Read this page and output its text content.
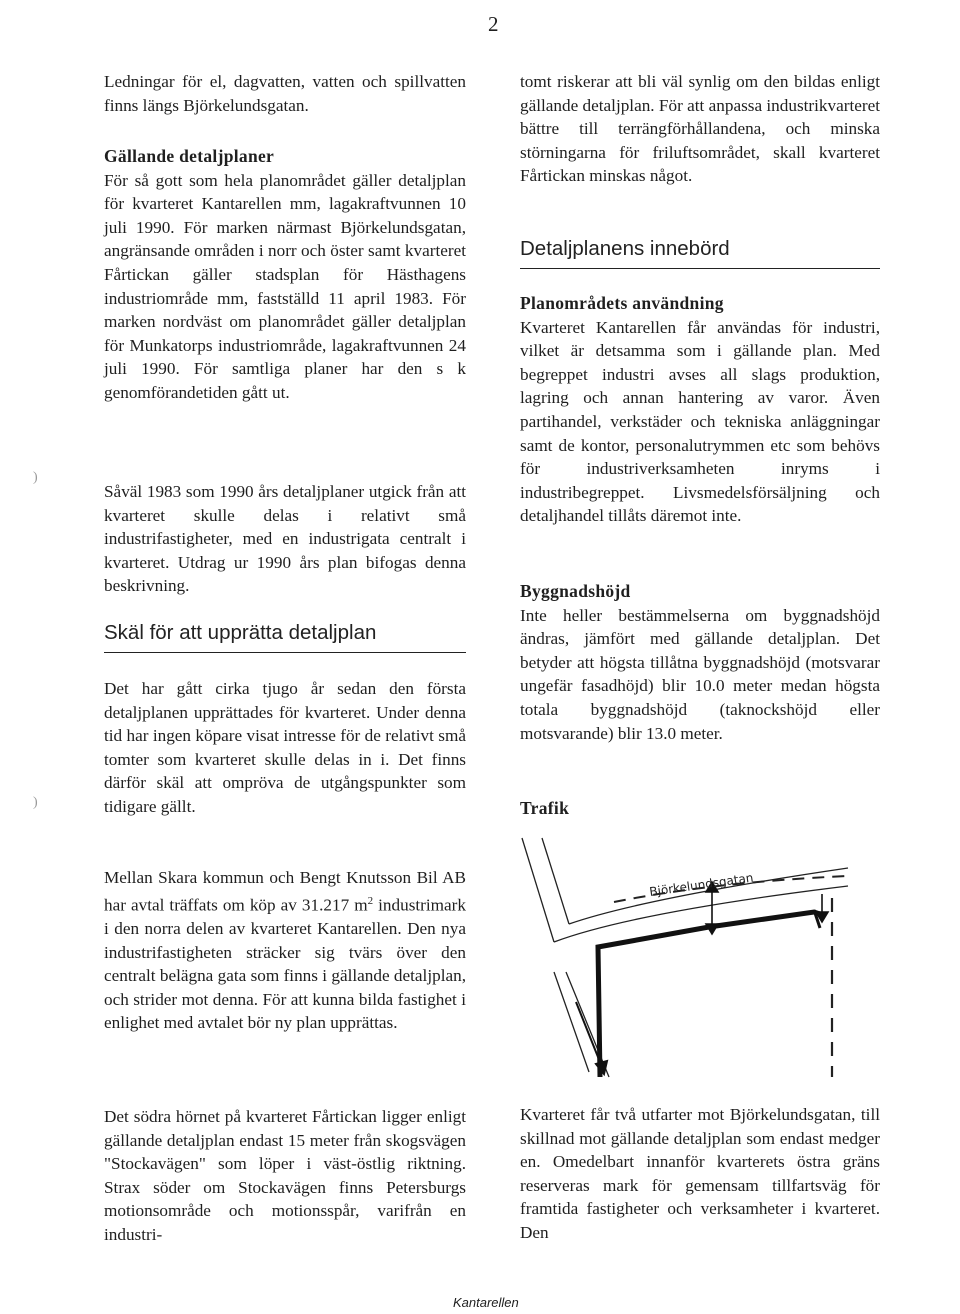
2
)
)

Ledningar för el, dagvatten, vatten och spillvatten finns längs Björkelundsgatan.

Gällande detaljplaner

För så gott som hela planområdet gäller detaljplan för kvarteret Kantarellen mm, lagakraftvunnen 10 juli 1990. För marken närmast Björkelundsgatan, angränsande områden i norr och öster samt kvarteret Fårtickan gäller stadsplan för Hästhagens industriområde mm, fastställd 11 april 1983. För marken nordväst om planområdet gäller detaljplan för Munkatorps industriområde, lagakraftvunnen 24 juli 1990. För samtliga planer har den s k genomförandetiden gått ut.

Såväl 1983 som 1990 års detaljplaner utgick från att kvarteret skulle delas i relativt små industrifastigheter, med en industrigata centralt i kvarteret. Utdrag ur 1990 års plan bifogas denna beskrivning.

Skäl för att upprätta detaljplan

Det har gått cirka tjugo år sedan den första detaljplanen upprättades för kvarteret. Under denna tid har ingen köpare visat intresse för de relativt små tomter som kvarteret skulle delas in i. Det finns därför skäl att ompröva de utgångspunkter som tidigare gällt.

Mellan Skara kommun och Bengt Knutsson Bil AB har avtal träffats om köp av 31.217 $m^2$ industrimark i den norra delen av kvarteret Kantarellen. Den nya industrifastigheten sträcker sig tvärs över den centralt belägna gata som finns i gällande detaljplan, och strider mot denna. För att kunna bilda fastighet i enlighet med avtalet bör ny plan upprättas.

Det södra hörnet på kvarteret Fårtickan ligger enligt gällande detaljplan endast 15 meter från skogsvägen "Stockavägen" som löper i väst-östlig riktning. Strax söder om Stockavägen finns Petersburgs motionsområde och motionsspår, varifrån en industri-

tomt riskerar att bli väl synlig om den bildas enligt gällande detaljplan. För att anpassa industrikvarteret bättre till terrängförhållandena, och minska störningarna för friluftsområdet, skall kvarteret Fårtickan minskas något.

Detaljplanens innebörd
Planområdets användning

Kvarteret Kantarellen får användas för industri, vilket är detsamma som i gällande plan. Med begreppet industri avses all slags produktion, lagring och annan hantering av varor. Även partihandel, verkstäder och tekniska anläggningar samt de kontor, personalutrymmen etc som behövs för industriverksamheten inryms i industribegreppet. Livsmedelsförsäljning och detaljhandel tillåts däremot inte.

Byggnadshöjd

Inte heller bestämmelserna om byggnadshöjd ändras, jämfört med gällande detaljplan. Det betyder att högsta tillåtna byggnadshöjd (motsvarar ungefär fasadhöjd) blir 10.0 meter medan högsta totala byggnadshöjd (taknockshöjd eller motsvarande) blir 13.0 meter.

Trafik
Björkelundsgatan

Kvarteret får två utfarter mot Björkelundsgatan, till skillnad mot gällande detaljplan som endast medger en. Omedelbart innanför kvarterets östra gräns reserveras mark för gemensam tillfartsväg för framtida fastigheter och verksamheter i kvarteret. Den

Kantarellen
